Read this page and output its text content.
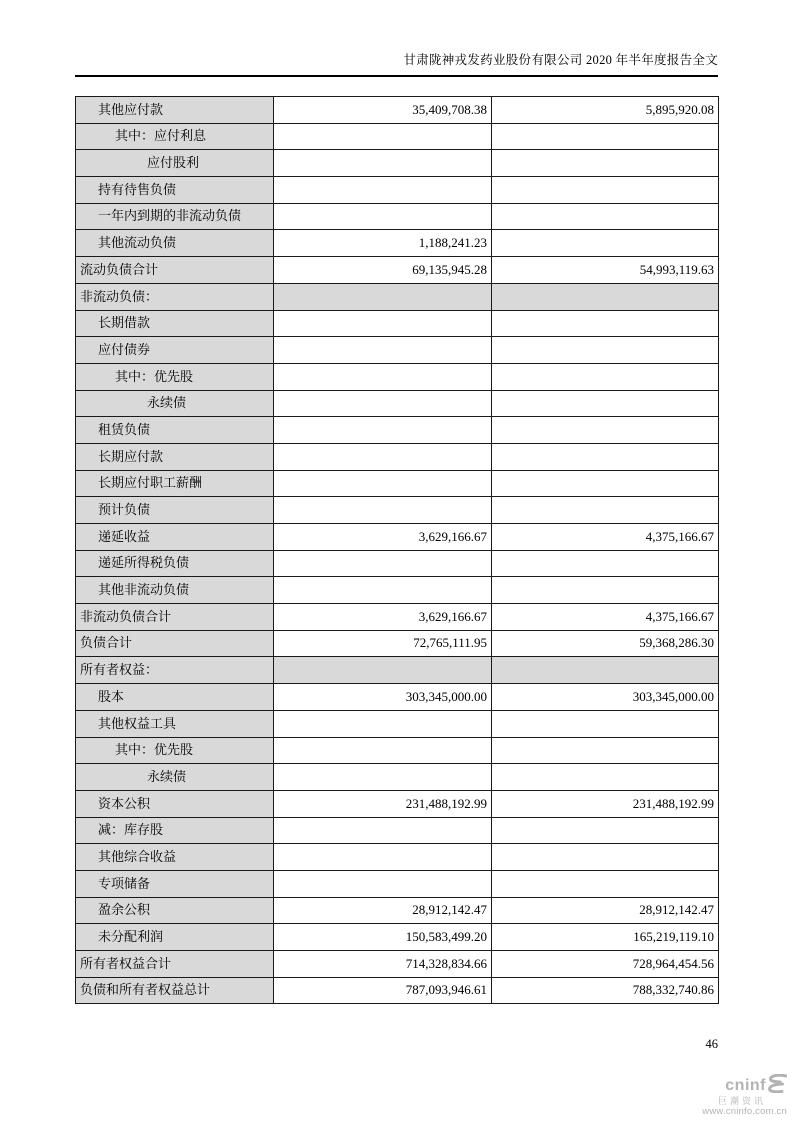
甘肃陇神戎发药业股份有限公司 2020 年半年度报告全文
其他应付款	35,409,708.38	5,895,920.08
其中：应付利息		
应付股利		
持有待售负债		
一年内到期的非流动负债		
其他流动负债	1,188,241.23	
流动负债合计	69,135,945.28	54,993,119.63
非流动负债：		
长期借款		
应付债券		
其中：优先股		
永续债		
租赁负债		
长期应付款		
长期应付职工薪酬		
预计负债		
递延收益	3,629,166.67	4,375,166.67
递延所得税负债		
其他非流动负债		
非流动负债合计	3,629,166.67	4,375,166.67
负债合计	72,765,111.95	59,368,286.30
所有者权益：		
股本	303,345,000.00	303,345,000.00
其他权益工具		
其中：优先股		
永续债		
资本公积	231,488,192.99	231,488,192.99
减：库存股		
其他综合收益		
专项储备		
盈余公积	28,912,142.47	28,912,142.47
未分配利润	150,583,499.20	165,219,119.10
所有者权益合计	714,328,834.66	728,964,454.56
负债和所有者权益总计	787,093,946.61	788,332,740.86
46
cninf
巨潮资讯
www.cninfo.com.cn
